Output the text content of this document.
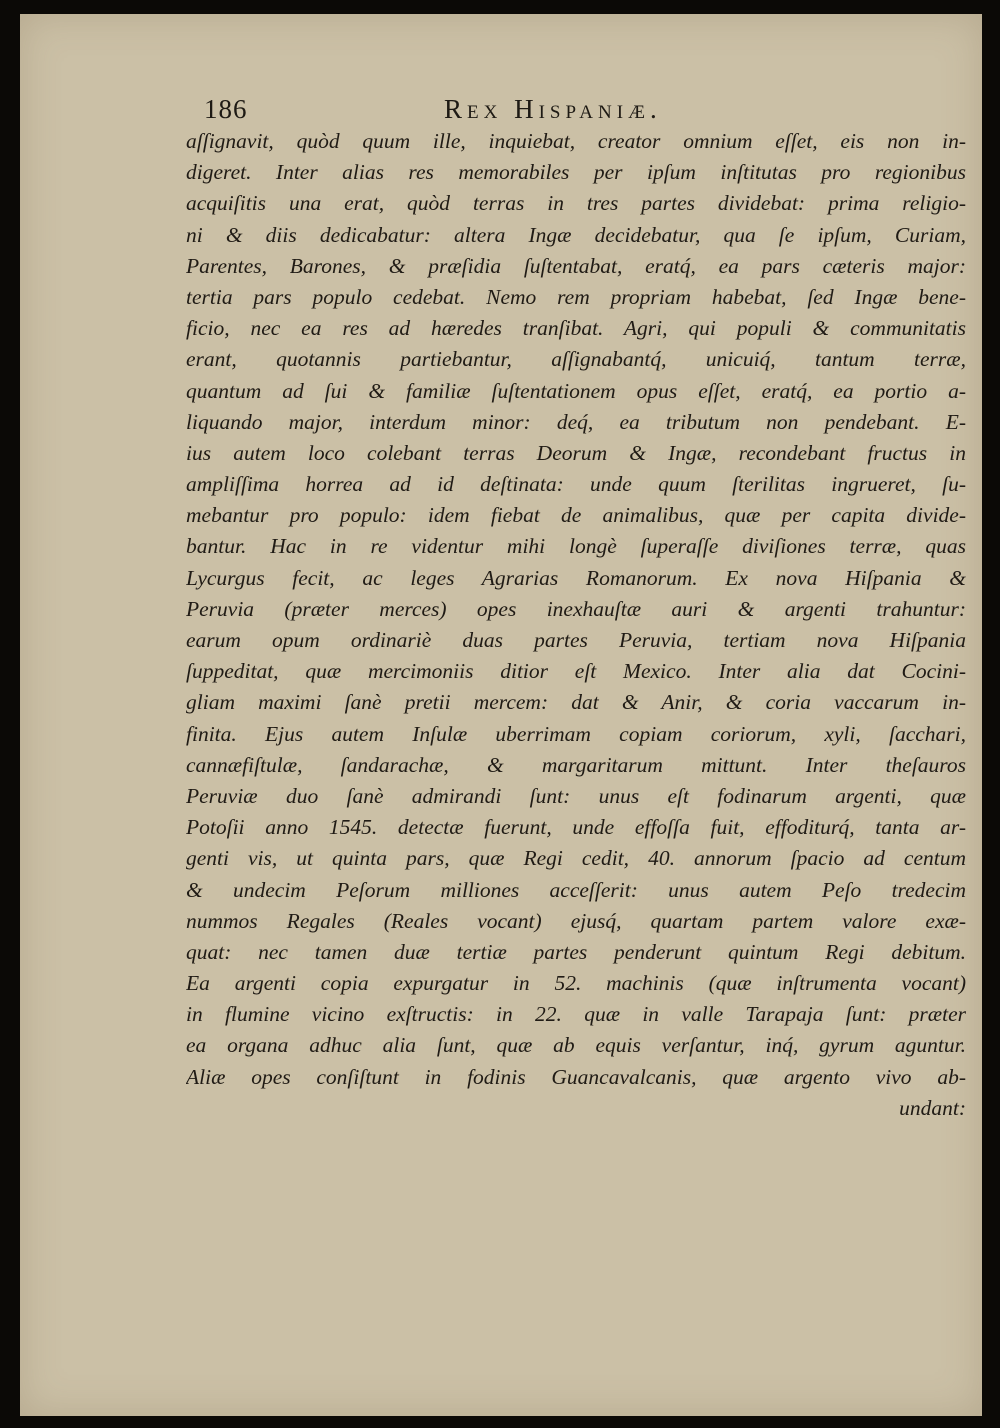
186	Rex Hispaniæ.
aſſignavit, quòd quum ille, inquiebat, creator omnium eſſet, eis non in-
digeret. Inter alias res memorabiles per ipſum inſtitutas pro regionibus
acquiſitis una erat, quòd terras in tres partes dividebat: prima religio-
ni & diis dedicabatur: altera Ingæ decidebatur, qua ſe ipſum, Curiam,
Parentes, Barones, & præſidia ſuſtentabat, eratq́, ea pars cæteris major:
tertia pars populo cedebat. Nemo rem propriam habebat, ſed Ingæ bene-
ficio, nec ea res ad hæredes tranſibat. Agri, qui populi & communitatis
erant, quotannis partiebantur, aſſignabantq́, unicuiq́, tantum terræ,
quantum ad ſui & familiæ ſuſtentationem opus eſſet, eratq́, ea portio a-
liquando major, interdum minor: deq́, ea tributum non pendebant. E-
ius autem loco colebant terras Deorum & Ingæ, recondebant fructus in
ampliſſima horrea ad id deſtinata: unde quum ſterilitas ingrueret, ſu-
mebantur pro populo: idem fiebat de animalibus, quæ per capita divide-
bantur. Hac in re videntur mihi longè ſuperaſſe diviſiones terræ, quas
Lycurgus fecit, ac leges Agrarias Romanorum. Ex nova Hiſpania &
Peruvia (præter merces) opes inexhauſtæ auri & argenti trahuntur:
earum opum ordinariè duas partes Peruvia, tertiam nova Hiſpania
ſuppeditat, quæ mercimoniis ditior eſt Mexico. Inter alia dat Cocini-
gliam maximi ſanè pretii mercem: dat & Anir, & coria vaccarum in-
finita. Ejus autem Inſulæ uberrimam copiam coriorum, xyli, ſacchari,
cannæfiſtulæ, ſandarachæ, & margaritarum mittunt. Inter theſauros
Peruviæ duo ſanè admirandi ſunt: unus eſt fodinarum argenti, quæ
Potoſii anno 1545. detectæ fuerunt, unde effoſſa fuit, effoditurq́, tanta ar-
genti vis, ut quinta pars, quæ Regi cedit, 40. annorum ſpacio ad centum
& undecim Peſorum milliones acceſſerit: unus autem Peſo tredecim
nummos Regales (Reales vocant) ejusq́, quartam partem valore exæ-
quat: nec tamen duæ tertiæ partes penderunt quintum Regi debitum.
Ea argenti copia expurgatur in 52. machinis (quæ inſtrumenta vocant)
in flumine vicino exſtructis: in 22. quæ in valle Tarapaja ſunt: præter
ea organa adhuc alia ſunt, quæ ab equis verſantur, inq́, gyrum aguntur.
Aliæ opes conſiſtunt in fodinis Guancavalcanis, quæ argento vivo ab-
undant:
